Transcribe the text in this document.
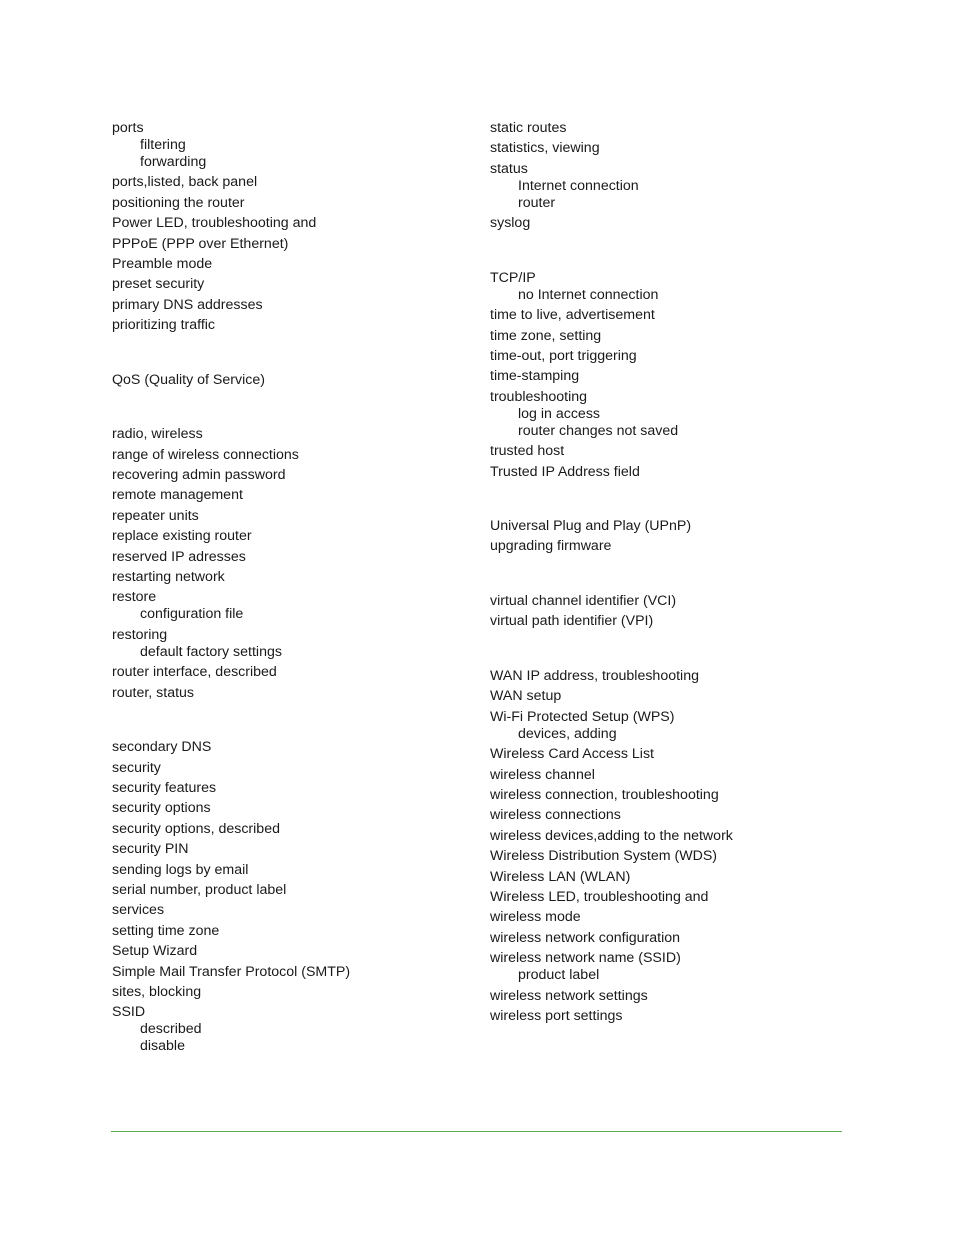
ports
filtering
forwarding
ports,listed, back panel
positioning the router
Power LED, troubleshooting and
PPPoE (PPP over Ethernet)
Preamble mode
preset security
primary DNS addresses
prioritizing traffic
QoS (Quality of Service)
radio, wireless
range of wireless connections
recovering admin password
remote management
repeater units
replace existing router
reserved IP adresses
restarting network
restore
configuration file
restoring
default factory settings
router interface, described
router, status
secondary DNS
security
security features
security options
security options, described
security PIN
sending logs by email
serial number, product label
services
setting time zone
Setup Wizard
Simple Mail Transfer Protocol (SMTP)
sites, blocking
SSID
described
disable
static routes
statistics, viewing
status
Internet connection
router
syslog
TCP/IP
no Internet connection
time to live, advertisement
time zone, setting
time-out, port triggering
time-stamping
troubleshooting
log in access
router changes not saved
trusted host
Trusted IP Address field
Universal Plug and Play (UPnP)
upgrading firmware
virtual channel identifier (VCI)
virtual path identifier (VPI)
WAN IP address, troubleshooting
WAN setup
Wi-Fi Protected Setup (WPS)
devices, adding
Wireless Card Access List
wireless channel
wireless connection, troubleshooting
wireless connections
wireless devices,adding to the network
Wireless Distribution System (WDS)
Wireless LAN (WLAN)
Wireless LED, troubleshooting and
wireless mode
wireless network configuration
wireless network name (SSID)
product label
wireless network settings
wireless port settings
